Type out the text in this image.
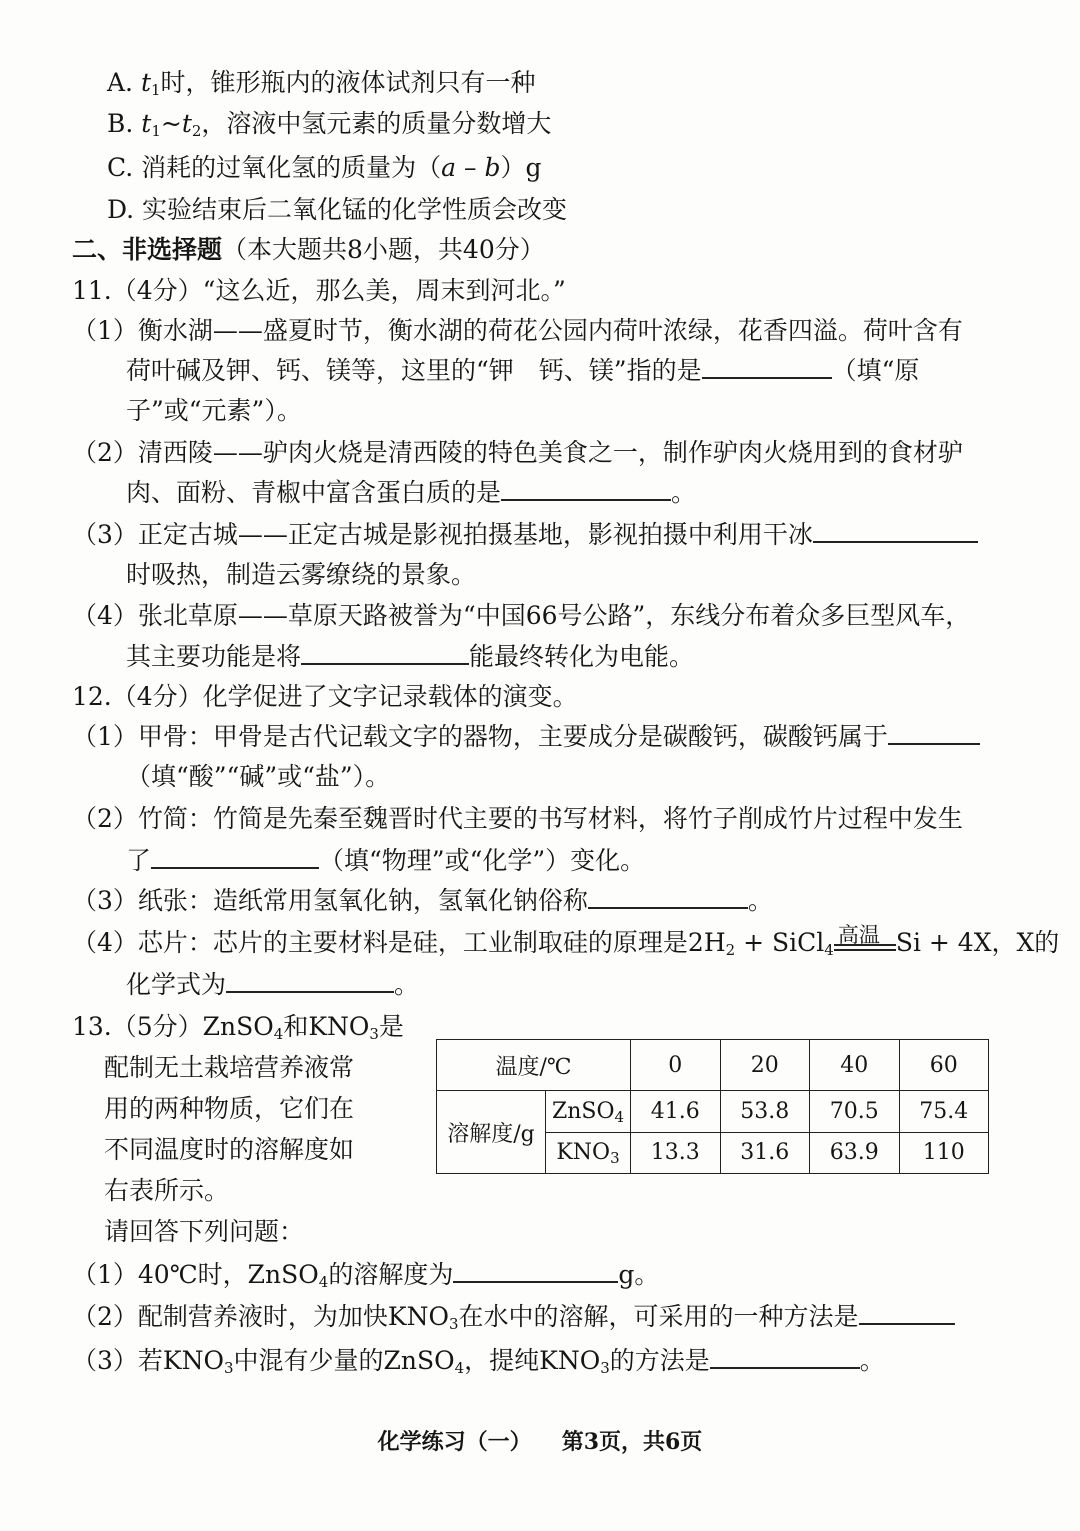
A. $t_1$时，锥形瓶内的液体试剂只有一种
B. $t_1\sim t_2$，溶液中氢元素的质量分数增大
C. 消耗的过氧化氢的质量为（a – b）g
D. 实验结束后二氧化锰的化学性质会改变
二、非选择题（本大题共8小题，共40分）
11.（4分）“这么近，那么美，周末到河北。”
（1）衡水湖——盛夏时节，衡水湖的荷花公园内荷叶浓绿，花香四溢。荷叶含有
荷叶碱及钾、钙、镁等，这里的“钾　钙、镁”指的是	（填“原
子”或“元素”）。
（2）清西陵——驴肉火烧是清西陵的特色美食之一，制作驴肉火烧用到的食材驴
肉、面粉、青椒中富含蛋白质的是	。
（3）正定古城——正定古城是影视拍摄基地，影视拍摄中利用干冰
时吸热，制造云雾缭绕的景象。
（4）张北草原——草原天路被誉为“中国66号公路”，东线分布着众多巨型风车，
其主要功能是将	能最终转化为电能。
12.（4分）化学促进了文字记录载体的演变。
（1）甲骨：甲骨是古代记载文字的器物，主要成分是碳酸钙，碳酸钙属于
（填“酸”“碱”或“盐”）。
（2）竹简：竹简是先秦至魏晋时代主要的书写材料，将竹子削成竹片过程中发生
了	（填“物理”或“化学”）变化。
（3）纸张：造纸常用氢氧化钠，氢氧化钠俗称	。
（4）芯片：芯片的主要材料是硅，工业制取硅的原理是$2H_2$ + SiCl$_4$
高温 Si + 4X，X的
化学式为	。
13.（5分）ZnSO$_4$和$KNO_3$是
配制无土栽培营养液常
用的两种物质，它们在
不同温度时的溶解度如
右表所示。
温度/℃		0	20	40	60
溶解度/g	ZnSO$_4$	41.6	53.8	70.5	75.4
	$KNO_3$	13.3	31.6	63.9	110
请回答下列问题：
（1）40℃时，ZnSO$_4$的溶解度为	g。
（2）配制营养液时，为加快$KNO_3$在水中的溶解，可采用的一种方法是
（3）若$KNO_3$中混有少量的ZnSO$_4$，提纯$KNO_3$的方法是	。
化学练习（一） 第3页，共6页
